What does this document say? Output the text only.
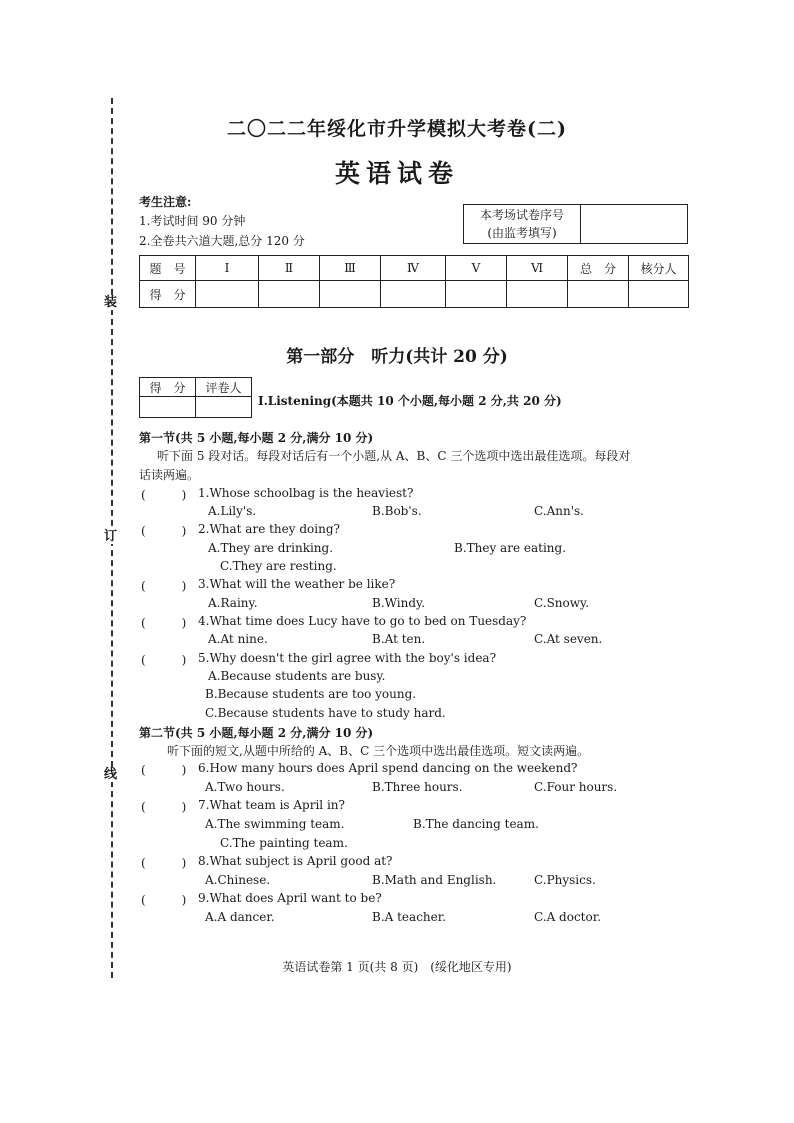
装
订
线
二〇二二年绥化市升学模拟大考卷(二)
英语试卷
考生注意:
1.考试时间 90 分钟
2.全卷共六道大题,总分 120 分
本考场试卷序号
(由监考填写)

题　号	Ⅰ	Ⅱ	Ⅲ	Ⅳ	Ⅴ	Ⅵ	总　分	核分人
得　分								
第一部分　听力(共计 20 分)
得　分	评卷人

Ⅰ.Listening(本题共 10 个小题,每小题 2 分,共 20 分)
第一节(共 5 小题,每小题 2 分,满分 10 分)
听下面 5 段对话。每段对话后有一个小题,从 A、B、C 三个选项中选出最佳选项。每段对
话读两遍。
(　　　) 1.Whose schoolbag is the heaviest?
A.Lily's.	B.Bob's.	C.Ann's.
(　　　) 2.What are they doing?
A.They are drinking.	B.They are eating.
C.They are resting.
(　　　) 3.What will the weather be like?
A.Rainy.	B.Windy.	C.Snowy.
(　　　) 4.What time does Lucy have to go to bed on Tuesday?
A.At nine.	B.At ten.	C.At seven.
(　　　) 5.Why doesn't the girl agree with the boy's idea?
A.Because students are busy.
B.Because students are too young.
C.Because students have to study hard.
第二节(共 5 小题,每小题 2 分,满分 10 分)
听下面的短文,从题中所给的 A、B、C 三个选项中选出最佳选项。短文读两遍。
(　　　) 6.How many hours does April spend dancing on the weekend?
A.Two hours.	B.Three hours.	C.Four hours.
(　　　) 7.What team is April in?
A.The swimming team.	B.The dancing team.
C.The painting team.
(　　　) 8.What subject is April good at?
A.Chinese.	B.Math and English.	C.Physics.
(　　　) 9.What does April want to be?
A.A dancer.	B.A teacher.	C.A doctor.
英语试卷第 1 页(共 8 页)　(绥化地区专用)
